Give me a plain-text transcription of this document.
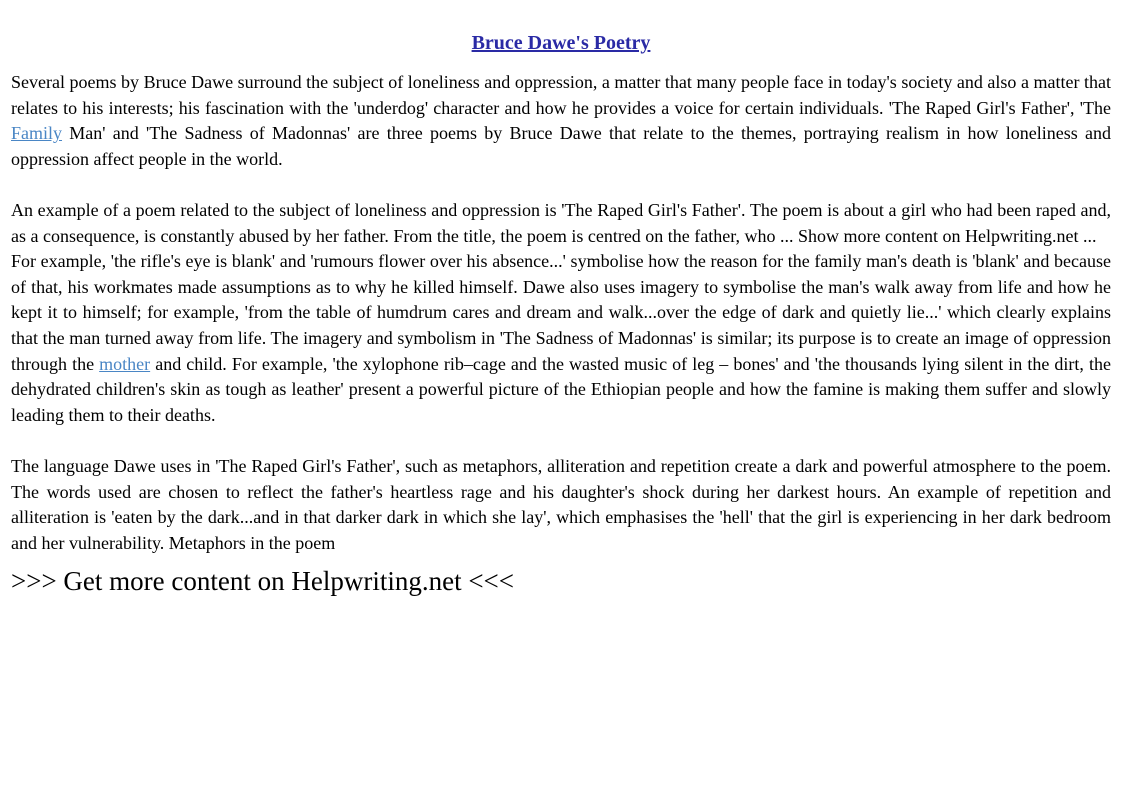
Bruce Dawe's Poetry

Several poems by Bruce Dawe surround the subject of loneliness and oppression, a matter that many people face in today's society and also a matter that relates to his interests; his fascination with the 'underdog' character and how he provides a voice for certain individuals. 'The Raped Girl's Father', 'The Family Man' and 'The Sadness of Madonnas' are three poems by Bruce Dawe that relate to the themes, portraying realism in how loneliness and oppression affect people in the world.

An example of a poem related to the subject of loneliness and oppression is 'The Raped Girl's Father'. The poem is about a girl who had been raped and, as a consequence, is constantly abused by her father. From the title, the poem is centred on the father, who ... Show more content on Helpwriting.net ...

For example, 'the rifle's eye is blank' and 'rumours flower over his absence...' symbolise how the reason for the family man's death is 'blank' and because of that, his workmates made assumptions as to why he killed himself. Dawe also uses imagery to symbolise the man's walk away from life and how he kept it to himself; for example, 'from the table of humdrum cares and dream and walk...over the edge of dark and quietly lie...' which clearly explains that the man turned away from life. The imagery and symbolism in 'The Sadness of Madonnas' is similar; its purpose is to create an image of oppression through the mother and child. For example, 'the xylophone rib–cage and the wasted music of leg – bones' and 'the thousands lying silent in the dirt, the dehydrated children's skin as tough as leather' present a powerful picture of the Ethiopian people and how the famine is making them suffer and slowly leading them to their deaths.

The language Dawe uses in 'The Raped Girl's Father', such as metaphors, alliteration and repetition create a dark and powerful atmosphere to the poem. The words used are chosen to reflect the father's heartless rage and his daughter's shock during her darkest hours. An example of repetition and alliteration is 'eaten by the dark...and in that darker dark in which she lay', which emphasises the 'hell' that the girl is experiencing in her dark bedroom and her vulnerability. Metaphors in the poem

>>> Get more content on Helpwriting.net <<<
